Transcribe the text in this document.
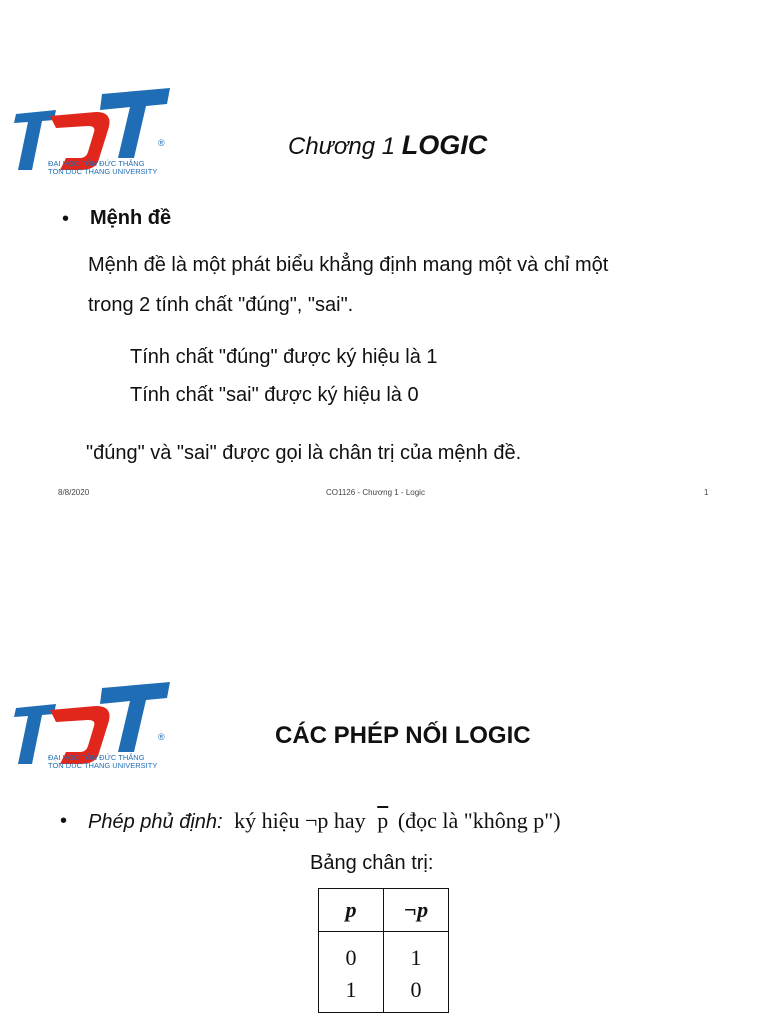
®
ĐẠI HỌC TÔN ĐỨC THẮNG
TON DUC THANG UNIVERSITY
Chương 1 LOGIC
• Mệnh đề
Mệnh đề là một phát biểu khẳng định mang một và chỉ một
trong 2 tính chất "đúng", "sai".
Tính chất "đúng" được ký hiệu là 1
Tính chất "sai" được ký hiệu là 0
"đúng" và "sai" được gọi là chân trị của mệnh đề.
8/8/2020	CO1126 - Chương 1 - Logic	1
®
ĐẠI HỌC TÔN ĐỨC THẮNG
TON DUC THANG UNIVERSITY
CÁC PHÉP NỐI LOGIC
• Phép phủ định: ký hiệu ¬p hay $\overline{p}$ (đọc là "không p")
Bảng chân trị:
p	¬p
0	1
1	0
